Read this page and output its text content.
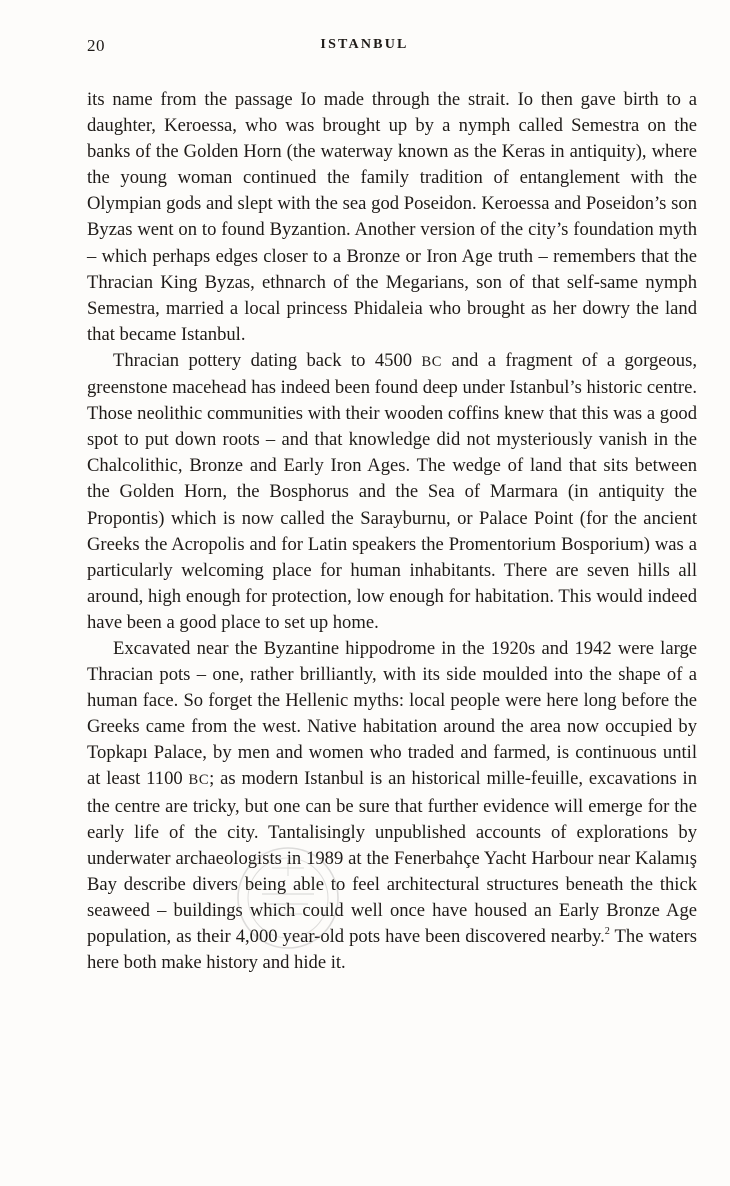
20	ISTANBUL

its name from the passage Io made through the strait. Io then gave birth to a daughter, Keroessa, who was brought up by a nymph called Semestra on the banks of the Golden Horn (the waterway known as the Keras in antiquity), where the young woman continued the family tradition of entanglement with the Olympian gods and slept with the sea god Poseidon. Keroessa and Poseidon’s son Byzas went on to found Byzantion. Another version of the city’s foundation myth – which perhaps edges closer to a Bronze or Iron Age truth – remembers that the Thracian King Byzas, ethnarch of the Megarians, son of that self-same nymph Semestra, married a local princess Phidaleia who brought as her dowry the land that became Istanbul.

Thracian pottery dating back to 4500 BC and a fragment of a gorgeous, greenstone macehead has indeed been found deep under Istanbul’s historic centre. Those neolithic communities with their wooden coffins knew that this was a good spot to put down roots – and that knowledge did not mysteriously vanish in the Chalcolithic, Bronze and Early Iron Ages. The wedge of land that sits between the Golden Horn, the Bosphorus and the Sea of Marmara (in antiquity the Propontis) which is now called the Sarayburnu, or Palace Point (for the ancient Greeks the Acropolis and for Latin speakers the Promentorium Bosporium) was a particularly welcoming place for human inhabitants. There are seven hills all around, high enough for protection, low enough for habitation. This would indeed have been a good place to set up home.

Excavated near the Byzantine hippodrome in the 1920s and 1942 were large Thracian pots – one, rather brilliantly, with its side moulded into the shape of a human face. So forget the Hellenic myths: local people were here long before the Greeks came from the west. Native habitation around the area now occupied by Topkapı Palace, by men and women who traded and farmed, is continuous until at least 1100 BC; as modern Istanbul is an historical mille-feuille, excavations in the centre are tricky, but one can be sure that further evidence will emerge for the early life of the city. Tantalisingly unpublished accounts of explorations by underwater archaeologists in 1989 at the Fenerbahçe Yacht Harbour near Kalamış Bay describe divers being able to feel architectural structures beneath the thick seaweed – buildings which could well once have housed an Early Bronze Age population, as their 4,000 year-old pots have been discovered nearby.$^2$ The waters here both make history and hide it.
